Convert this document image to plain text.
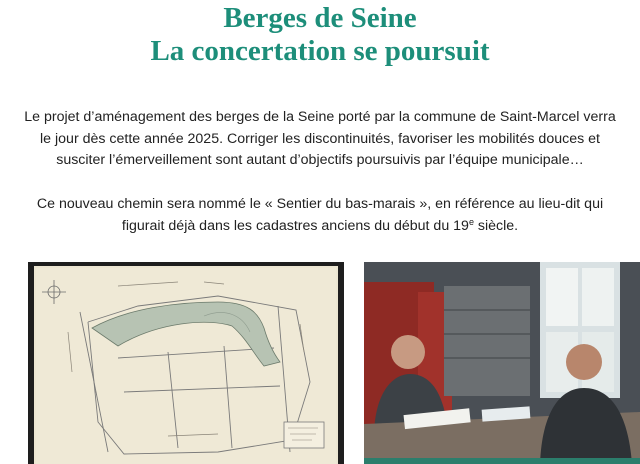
Berges de Seine
La concertation se poursuit
Le projet d’aménagement des berges de la Seine porté par la commune de Saint-Marcel verra le jour dès cette année 2025. Corriger les discontinuités, favoriser les mobilités douces et susciter l’émerveillement sont autant d’objectifs poursuivis par l’équipe municipale…
Ce nouveau chemin sera nommé le « Sentier du bas-marais », en référence au lieu-dit qui figurait déjà dans les cadastres anciens du début du 19e siècle.
